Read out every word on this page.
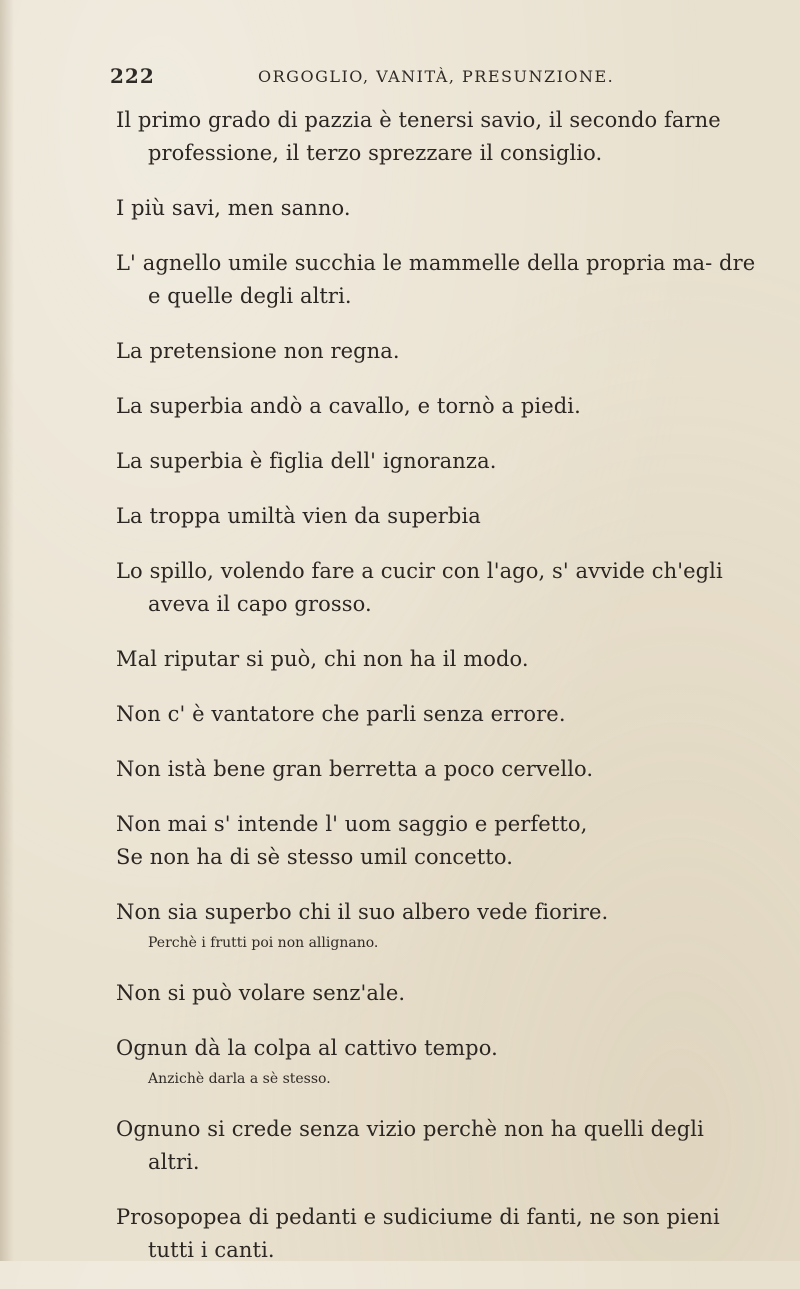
222	ORGOGLIO, VANITÀ, PRESUNZIONE.
Il primo grado di pazzia è tenersi savio, il secondo farne professione, il terzo sprezzare il consiglio.
I più savi, men sanno.
L' agnello umile succhia le mammelle della propria ma- dre e quelle degli altri.
La pretensione non regna.
La superbia andò a cavallo, e tornò a piedi.
La superbia è figlia dell' ignoranza.
La troppa umiltà vien da superbia
Lo spillo, volendo fare a cucir con l'ago, s' avvide ch'egli aveva il capo grosso.
Mal riputar si può, chi non ha il modo.
Non c' è vantatore che parli senza errore.
Non istà bene gran berretta a poco cervello.
Non mai s' intende l' uom saggio e perfetto,
Se non ha di sè stesso umil concetto.
Non sia superbo chi il suo albero vede fiorire.
Perchè i frutti poi non allignano.
Non si può volare senz'ale.
Ognun dà la colpa al cattivo tempo.
Anzichè darla a sè stesso.
Ognuno si crede senza vizio perchè non ha quelli degli altri.
Prosopopea di pedanti e sudiciume di fanti, ne son pieni tutti i canti.
